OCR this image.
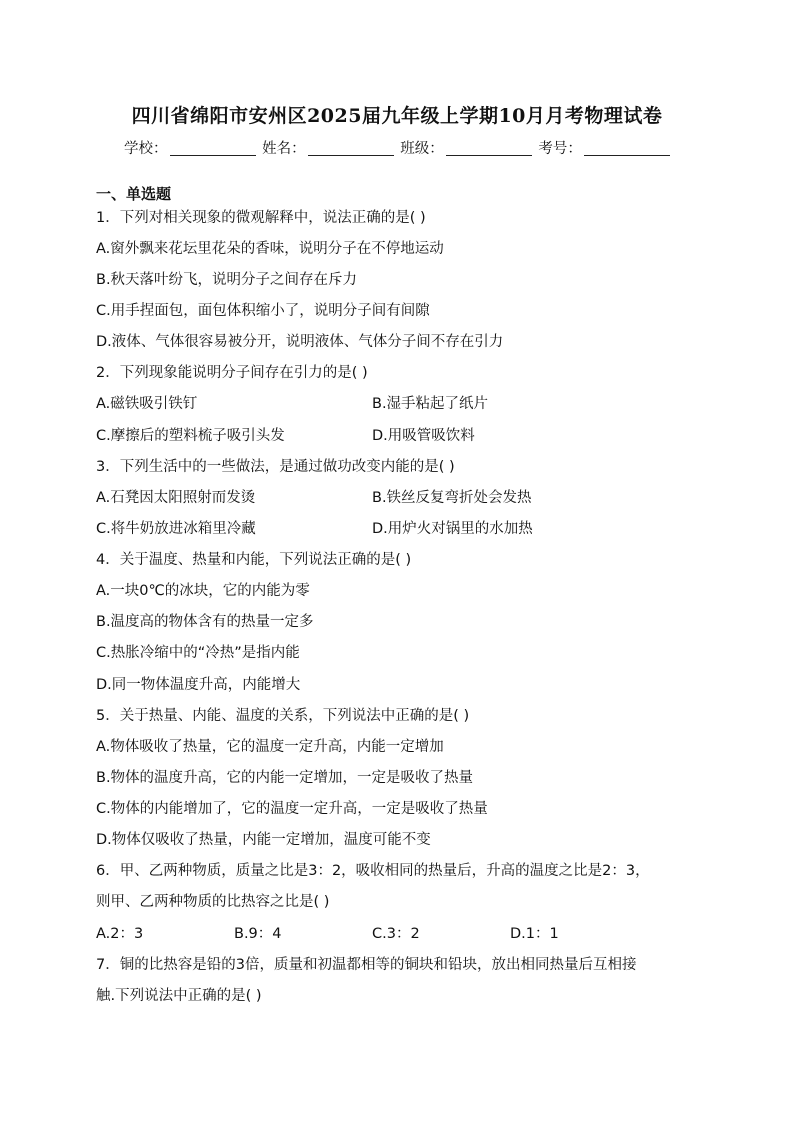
四川省绵阳市安州区2025届九年级上学期10月月考物理试卷
学校：	姓名：	班级：	考号：
一、单选题
1．下列对相关现象的微观解释中，说法正确的是( )
A.窗外飘来花坛里花朵的香味，说明分子在不停地运动
B.秋天落叶纷飞，说明分子之间存在斥力
C.用手捏面包，面包体积缩小了，说明分子间有间隙
D.液体、气体很容易被分开，说明液体、气体分子间不存在引力
2．下列现象能说明分子间存在引力的是( )
A.磁铁吸引铁钉	B.湿手粘起了纸片
C.摩擦后的塑料梳子吸引头发	D.用吸管吸饮料
3．下列生活中的一些做法，是通过做功改变内能的是( )
A.石凳因太阳照射而发烫	B.铁丝反复弯折处会发热
C.将牛奶放进冰箱里冷藏	D.用炉火对锅里的水加热
4．关于温度、热量和内能，下列说法正确的是( )
A.一块0℃的冰块，它的内能为零
B.温度高的物体含有的热量一定多
C.热胀冷缩中的“冷热”是指内能
D.同一物体温度升高，内能增大
5．关于热量、内能、温度的关系，下列说法中正确的是( )
A.物体吸收了热量，它的温度一定升高，内能一定增加
B.物体的温度升高，它的内能一定增加，一定是吸收了热量
C.物体的内能增加了，它的温度一定升高，一定是吸收了热量
D.物体仅吸收了热量，内能一定增加，温度可能不变
6．甲、乙两种物质，质量之比是3：2，吸收相同的热量后，升高的温度之比是2：3，
则甲、乙两种物质的比热容之比是( )
A.2：3	B.9：4	C.3：2	D.1：1
7．铜的比热容是铅的3倍，质量和初温都相等的铜块和铅块，放出相同热量后互相接
触.下列说法中正确的是( )
